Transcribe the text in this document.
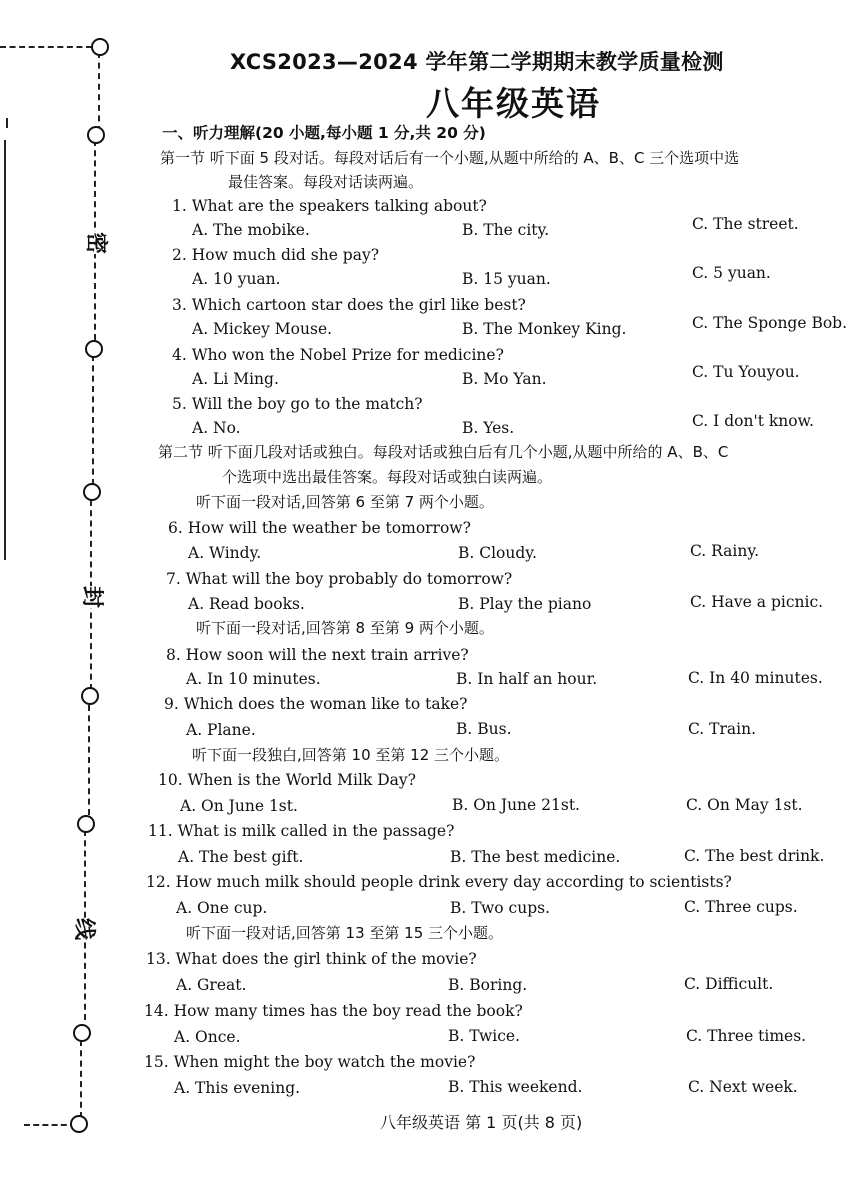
密
封
线
XCS2023—2024 学年第二学期期末教学质量检测
八年级英语
一、听力理解(20 小题,每小题 1 分,共 20 分)
第一节 听下面 5 段对话。每段对话后有一个小题,从题中所给的 A、B、C 三个选项中选
最佳答案。每段对话读两遍。
1. What are the speakers talking about?
A. The mobike.	B. The city.	C. The street.
2. How much did she pay?
A. 10 yuan.	B. 15 yuan.	C. 5 yuan.
3. Which cartoon star does the girl like best?
A. Mickey Mouse.	B. The Monkey King.	C. The Sponge Bob.
4. Who won the Nobel Prize for medicine?
A. Li Ming.	B. Mo Yan.	C. Tu Youyou.
5. Will the boy go to the match?
A. No.	B. Yes.	C. I don't know.
第二节 听下面几段对话或独白。每段对话或独白后有几个小题,从题中所给的 A、B、C
个选项中选出最佳答案。每段对话或独白读两遍。
听下面一段对话,回答第 6 至第 7 两个小题。
6. How will the weather be tomorrow?
A. Windy.	B. Cloudy.	C. Rainy.
7. What will the boy probably do tomorrow?
A. Read books.	B. Play the piano	C. Have a picnic.
听下面一段对话,回答第 8 至第 9 两个小题。
8. How soon will the next train arrive?
A. In 10 minutes.	B. In half an hour.	C. In 40 minutes.
9. Which does the woman like to take?
A. Plane.	B. Bus.	C. Train.
听下面一段独白,回答第 10 至第 12 三个小题。
10. When is the World Milk Day?
A. On June 1st.	B. On June 21st.	C. On May 1st.
11. What is milk called in the passage?
A. The best gift.	B. The best medicine.	C. The best drink.
12. How much milk should people drink every day according to scientists?
A. One cup.	B. Two cups.	C. Three cups.
听下面一段对话,回答第 13 至第 15 三个小题。
13. What does the girl think of the movie?
A. Great.	B. Boring.	C. Difficult.
14. How many times has the boy read the book?
A. Once.	B. Twice.	C. Three times.
15. When might the boy watch the movie?
A. This evening.	B. This weekend.	C. Next week.
八年级英语 第 1 页(共 8 页)
